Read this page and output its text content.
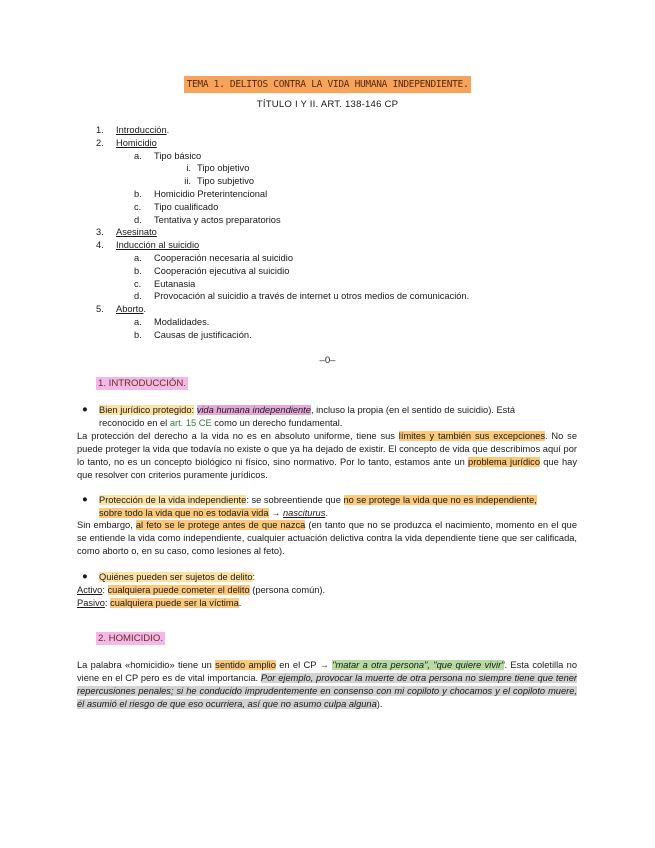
TEMA 1. DELITOS CONTRA LA VIDA HUMANA INDEPENDIENTE.
TÍTULO I Y II. ART. 138-146 CP
1. Introducción.
2. Homicidio
a. Tipo básico
i. Tipo objetivo
ii. Tipo subjetivo
b. Homicidio Preterintencional
c. Tipo cualificado
d. Tentativa y actos preparatorios
3. Asesinato
4. Inducción al suicidio
a. Cooperación necesaria al suicidio
b. Cooperación ejecutiva al suicidio
c. Eutanasia
d. Provocación al suicidio a través de internet u otros medios de comunicación.
5. Aborto.
a. Modalidades.
b. Causas de justificación.
–0–
1. INTRODUCCIÓN.
● Bien jurídico protegido: vida humana independiente, incluso la propia (en el sentido de suicidio). Está
reconocido en el art. 15 CE como un derecho fundamental.

La protección del derecho a la vida no es en absoluto uniforme, tiene sus límites y también sus excepciones. No se puede proteger la vida que todavía no existe o que ya ha dejado de existir. El concepto de vida que describimos aquí por lo tanto, no es un concepto biológico ni físico, sino normativo. Por lo tanto, estamos ante un problema jurídico que hay que resolver con criterios puramente jurídicos.

● Protección de la vida independiente: se sobreentiende que no se protege la vida que no es independiente,
sobre todo la vida que no es todavía vida → nasciturus.

Sin embargo, al feto se le protege antes de que nazca (en tanto que no se produzca el nacimiento, momento en el que se entiende la vida como independiente, cualquier actuación delictiva contra la vida dependiente tiene que ser calificada, como aborto o, en su caso, como lesiones al feto).

● Quiénes pueden ser sujetos de delito:

Activo: cualquiera puede cometer el delito (persona común).

Pasivo: cualquiera puede ser la víctima.

2. HOMICIDIO.

La palabra «homicidio» tiene un sentido amplio en el CP → "matar a otra persona", "que quiere vivir". Esta coletilla no viene en el CP pero es de vital importancia. Por ejemplo, provocar la muerte de otra persona no siempre tiene que tener repercusiones penales; si he conducido imprudentemente en consenso con mi copiloto y chocamos y el copiloto muere, él asumió el riesgo de que eso ocurriera, así que no asumo culpa alguna).
